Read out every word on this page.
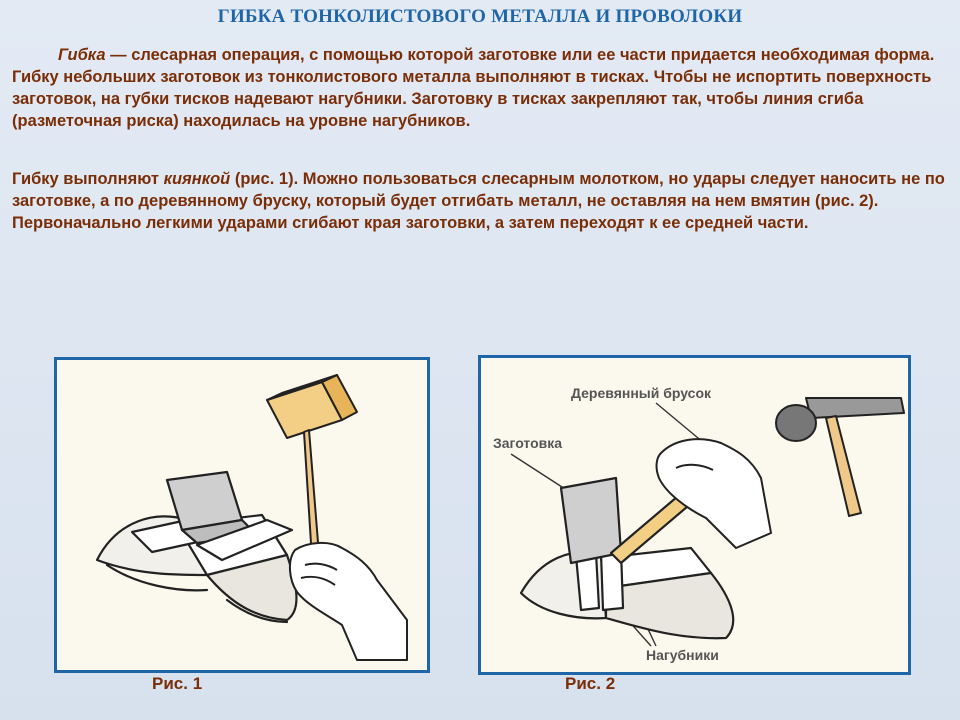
ГИБКА ТОНКОЛИСТОВОГО МЕТАЛЛА И ПРОВОЛОКИ
Гибка — слесарная операция, с помощью которой заготовке или ее части придается необходимая форма. Гибку небольших заготовок из тонколистового металла выполняют в тисках. Чтобы не испортить поверхность заготовок, на губки тисков надевают нагубники. Заготовку в тисках закрепляют так, чтобы линия сгиба (разметочная риска) находилась на уровне нагубников.
Гибку выполняют киянкой (рис. 1). Можно пользоваться слесарным молотком, но удары следует наносить не по заготовке, а по деревянному бруску, который будет отгибать металл, не оставляя на нем вмятин (рис. 2). Первоначально легкими ударами сгибают края заготовки, а затем переходят к ее средней части.
Деревянный брусок
Заготовка
Нагубники
Рис. 1	Рис. 2
